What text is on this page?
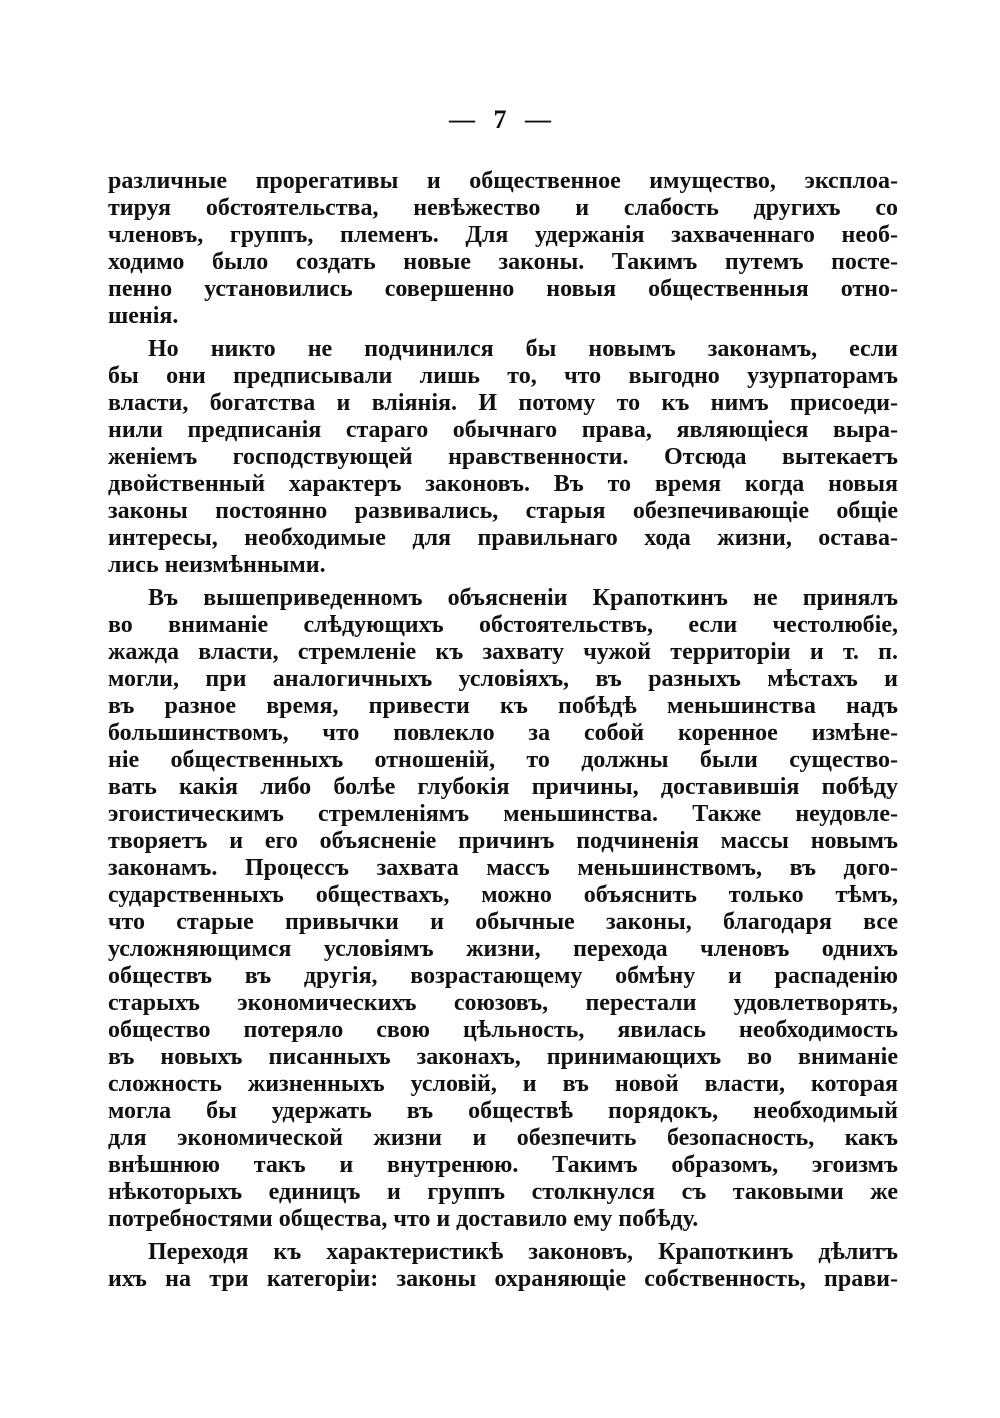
— 7 —
различные прорегативы и общественное имущество, эксплоа-
тируя обстоятельства, невѣжество и слабость другихъ со
членовъ, группъ, племенъ. Для удержанія захваченнаго необ-
ходимо было создать новые законы. Такимъ путемъ посте-
пенно установились совершенно новыя общественныя отно-
шенія.
Но никто не подчинился бы новымъ законамъ, если
бы они предписывали лишь то, что выгодно узурпаторамъ
власти, богатства и вліянія. И потому то къ нимъ присоеди-
нили предписанія стараго обычнаго права, являющіеся выра-
женіемъ господствующей нравственности. Отсюда вытекаетъ
двойственный характеръ законовъ. Въ то время когда новыя
законы постоянно развивались, старыя обезпечивающіе общіе
интересы, необходимые для правильнаго хода жизни, остава-
лись неизмѣнными.
Въ вышеприведенномъ объясненіи Крапоткинъ не принялъ
во вниманіе слѣдующихъ обстоятельствъ, если честолюбіе,
жажда власти, стремленіе къ захвату чужой территоріи и т. п.
могли, при аналогичныхъ условіяхъ, въ разныхъ мѣстахъ и
въ разное время, привести къ побѣдѣ меньшинства надъ
большинствомъ, что повлекло за собой коренное измѣне-
ніе общественныхъ отношеній, то должны были существо-
вать какія либо болѣе глубокія причины, доставившія побѣду
эгоистическимъ стремленіямъ меньшинства. Также неудовле-
творяетъ и его объясненіе причинъ подчиненія массы новымъ
законамъ. Процессъ захвата массъ меньшинствомъ, въ дого-
сударственныхъ обществахъ, можно объяснить только тѣмъ,
что старые привычки и обычные законы, благодаря все
усложняющимся условіямъ жизни, перехода членовъ однихъ
обществъ въ другія, возрастающему обмѣну и распаденію
старыхъ экономическихъ союзовъ, перестали удовлетворять,
общество потеряло свою цѣльность, явилась необходимость
въ новыхъ писанныхъ законахъ, принимающихъ во вниманіе
сложность жизненныхъ условій, и въ новой власти, которая
могла бы удержать въ обществѣ порядокъ, необходимый
для экономической жизни и обезпечить безопасность, какъ
внѣшнюю такъ и внутренюю. Такимъ образомъ, эгоизмъ
нѣкоторыхъ единицъ и группъ столкнулся съ таковыми же
потребностями общества, что и доставило ему побѣду.
Переходя къ характеристикѣ законовъ, Крапоткинъ дѣлитъ
ихъ на три категоріи: законы охраняющіе собственность, прави-
